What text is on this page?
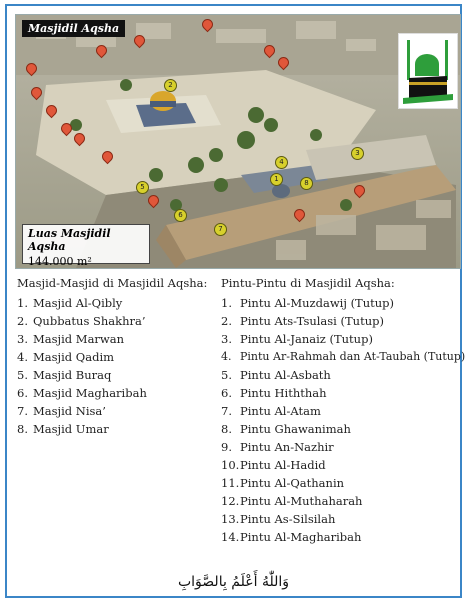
Masjidil Aqsha
Luas Masjidil Aqsha
144.000 m²
1
2
3
4
5
6
7
8
Masjid-Masjid di Masjidil Aqsha:
1. Masjid Al-Qibly
2. Qubbatus Shakhra’
3. Masjid Marwan
4. Masjid Qadim
5. Masjid Buraq
6. Masjid Magharibah
7. Masjid Nisa’
8. Masjid Umar
Pintu-Pintu di Masjidil Aqsha:
1. Pintu Al-Muzdawij (Tutup)
2. Pintu Ats-Tsulasi (Tutup)
3. Pintu Al-Janaiz (Tutup)
4. Pintu Ar-Rahmah dan At-Taubah (Tutup)
5. Pintu Al-Asbath
6. Pintu Hiththah
7. Pintu Al-Atam
8. Pintu Ghawanimah
9. Pintu An-Nazhir
10.Pintu Al-Hadid
11.Pintu Al-Qathanin
12.Pintu Al-Muthaharah
13.Pintu As-Silsilah
14.Pintu Al-Magharibah
وَاللّٰهُ أَعْلَمُ بِالصَّوَابِ
